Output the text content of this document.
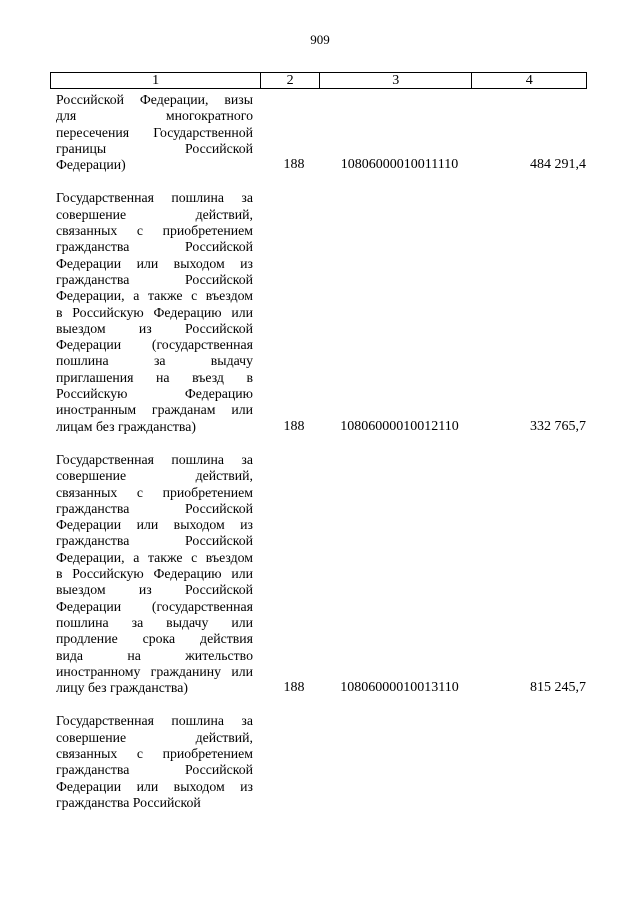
909
1	2	3	4
Российской Федерации, визы
для многократного
пересечения Государственной
границы Российской
Федерации)	188	10806000010011110	484 291,4
Государственная пошлина за
совершение действий,
связанных с приобретением
гражданства Российской
Федерации или выходом из
гражданства Российской
Федерации, а также с въездом
в Российскую Федерацию или
выездом из Российской
Федерации (государственная
пошлина за выдачу
приглашения на въезд в
Российскую Федерацию
иностранным гражданам или
лицам без гражданства)	188	10806000010012110	332 765,7
Государственная пошлина за
совершение действий,
связанных с приобретением
гражданства Российской
Федерации или выходом из
гражданства Российской
Федерации, а также с въездом
в Российскую Федерацию или
выездом из Российской
Федерации (государственная
пошлина за выдачу или
продление срока действия
вида на жительство
иностранному гражданину или
лицу без гражданства)	188	10806000010013110	815 245,7
Государственная пошлина за
совершение действий,
связанных с приобретением
гражданства Российской
Федерации или выходом из
гражданства Российской
